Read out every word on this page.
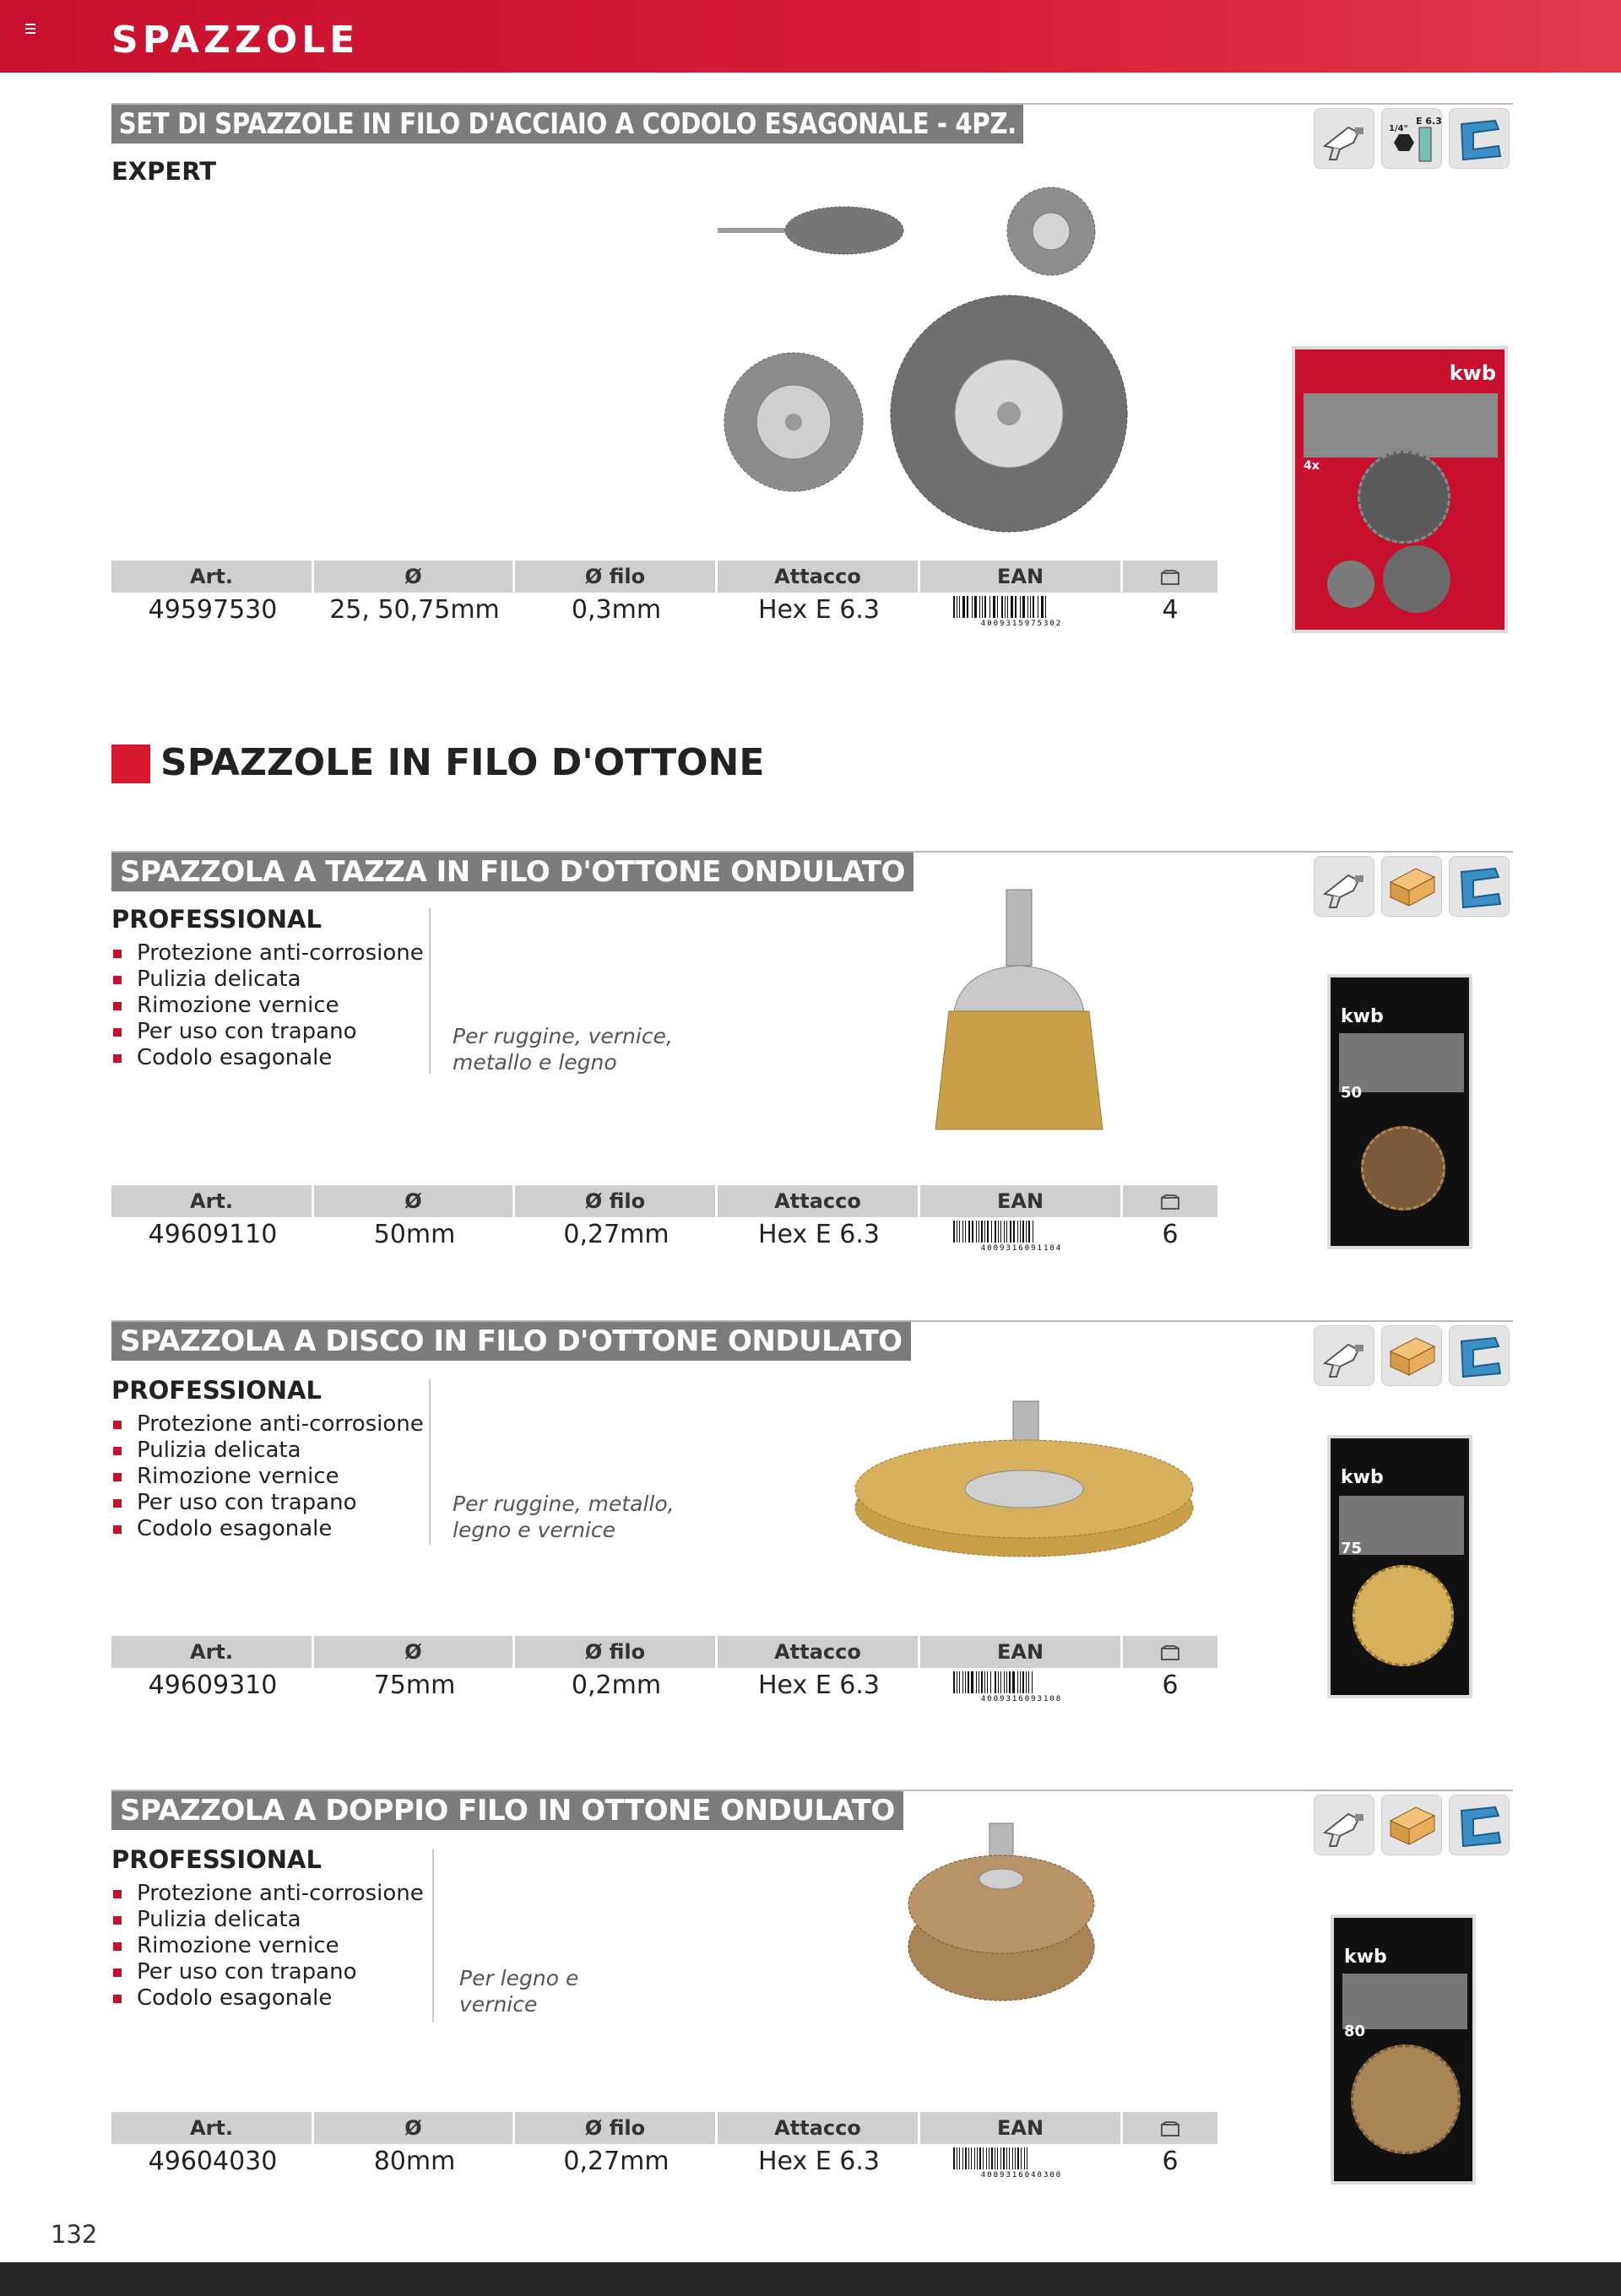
SPAZZOLE
SET DI SPAZZOLE IN FILO D'ACCIAIO A CODOLO ESAGONALE - 4PZ.
EXPERT
E 6.3
1/4"
kwb
4x
Art.	Ø	Ø filo	Attacco	EAN
49597530	25, 50,75mm	0,3mm	Hex E 6.3	4009315975302	4
SPAZZOLE IN FILO D'OTTONE
SPAZZOLA A TAZZA IN FILO D'OTTONE ONDULATO
PROFESSIONAL
Protezione anti-corrosione
Pulizia delicata
Rimozione vernice
Per uso con trapano
Codolo esagonale
Per ruggine, vernice,
metallo e legno
kwb
50
Art.	Ø	Ø filo	Attacco	EAN
49609110	50mm	0,27mm	Hex E 6.3	4009316091104	6
SPAZZOLA A DISCO IN FILO D'OTTONE ONDULATO
PROFESSIONAL
Protezione anti-corrosione
Pulizia delicata
Rimozione vernice
Per uso con trapano
Codolo esagonale
Per ruggine, metallo,
legno e vernice
kwb
75
Art.	Ø	Ø filo	Attacco	EAN
49609310	75mm	0,2mm	Hex E 6.3	4009316093108	6
SPAZZOLA A DOPPIO FILO IN OTTONE ONDULATO
PROFESSIONAL
Protezione anti-corrosione
Pulizia delicata
Rimozione vernice
Per uso con trapano
Codolo esagonale
Per legno e
vernice
kwb
80
Art.	Ø	Ø filo	Attacco	EAN
49604030	80mm	0,27mm	Hex E 6.3	4009316040300	6
132
